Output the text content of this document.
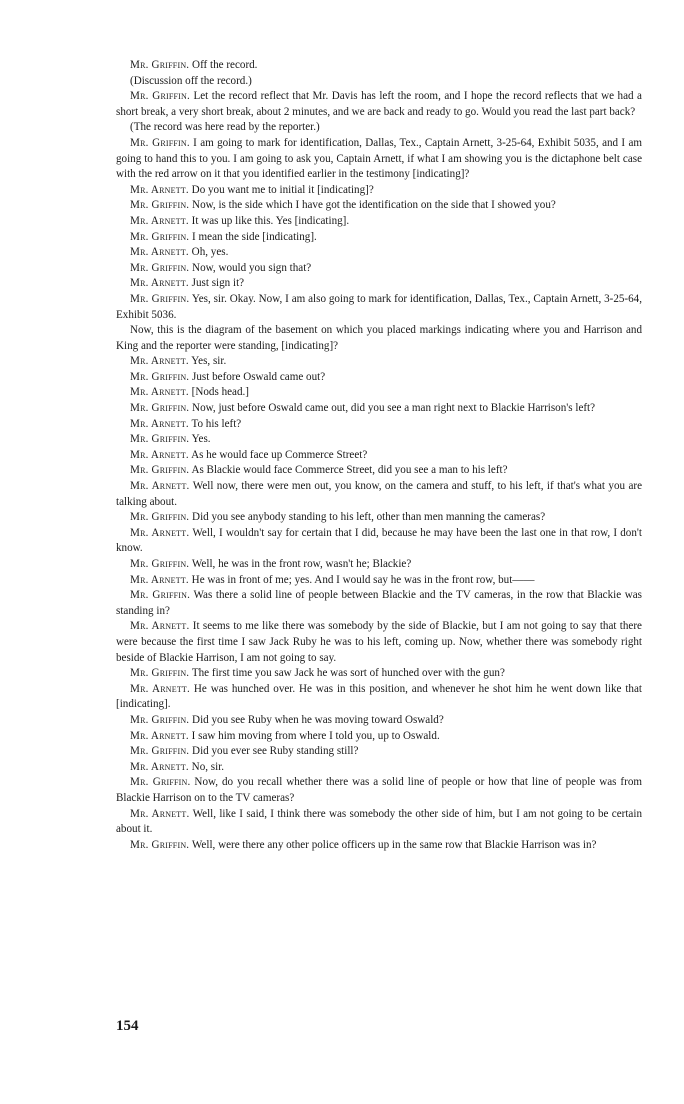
Mr. Griffin. Off the record.

(Discussion off the record.)

Mr. Griffin. Let the record reflect that Mr. Davis has left the room, and I hope the record reflects that we had a short break, a very short break, about 2 minutes, and we are back and ready to go. Would you read the last part back?

(The record was here read by the reporter.)

Mr. Griffin. I am going to mark for identification, Dallas, Tex., Captain Arnett, 3-25-64, Exhibit 5035, and I am going to hand this to you. I am going to ask you, Captain Arnett, if what I am showing you is the dictaphone belt case with the red arrow on it that you identified earlier in the testimony [indicating]?

Mr. Arnett. Do you want me to initial it [indicating]?

Mr. Griffin. Now, is the side which I have got the identification on the side that I showed you?

Mr. Arnett. It was up like this. Yes [indicating].

Mr. Griffin. I mean the side [indicating].

Mr. Arnett. Oh, yes.

Mr. Griffin. Now, would you sign that?

Mr. Arnett. Just sign it?

Mr. Griffin. Yes, sir. Okay. Now, I am also going to mark for identification, Dallas, Tex., Captain Arnett, 3-25-64, Exhibit 5036.

Now, this is the diagram of the basement on which you placed markings indicating where you and Harrison and King and the reporter were standing, [indicating]?

Mr. Arnett. Yes, sir.

Mr. Griffin. Just before Oswald came out?

Mr. Arnett. [Nods head.]

Mr. Griffin. Now, just before Oswald came out, did you see a man right next to Blackie Harrison's left?

Mr. Arnett. To his left?

Mr. Griffin. Yes.

Mr. Arnett. As he would face up Commerce Street?

Mr. Griffin. As Blackie would face Commerce Street, did you see a man to his left?

Mr. Arnett. Well now, there were men out, you know, on the camera and stuff, to his left, if that's what you are talking about.

Mr. Griffin. Did you see anybody standing to his left, other than men manning the cameras?

Mr. Arnett. Well, I wouldn't say for certain that I did, because he may have been the last one in that row, I don't know.

Mr. Griffin. Well, he was in the front row, wasn't he; Blackie?

Mr. Arnett. He was in front of me; yes. And I would say he was in the front row, but——

Mr. Griffin. Was there a solid line of people between Blackie and the TV cameras, in the row that Blackie was standing in?

Mr. Arnett. It seems to me like there was somebody by the side of Blackie, but I am not going to say that there were because the first time I saw Jack Ruby he was to his left, coming up. Now, whether there was somebody right beside of Blackie Harrison, I am not going to say.

Mr. Griffin. The first time you saw Jack he was sort of hunched over with the gun?

Mr. Arnett. He was hunched over. He was in this position, and whenever he shot him he went down like that [indicating].

Mr. Griffin. Did you see Ruby when he was moving toward Oswald?

Mr. Arnett. I saw him moving from where I told you, up to Oswald.

Mr. Griffin. Did you ever see Ruby standing still?

Mr. Arnett. No, sir.

Mr. Griffin. Now, do you recall whether there was a solid line of people or how that line of people was from Blackie Harrison on to the TV cameras?

Mr. Arnett. Well, like I said, I think there was somebody the other side of him, but I am not going to be certain about it.

Mr. Griffin. Well, were there any other police officers up in the same row that Blackie Harrison was in?

154
